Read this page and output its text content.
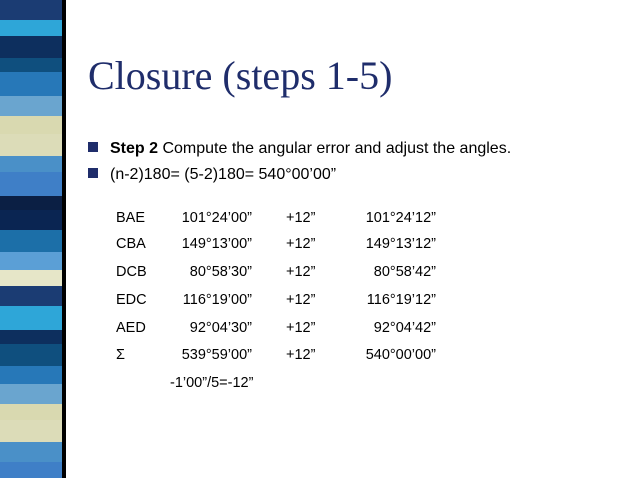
Closure (steps 1-5)
Step 2 Compute the angular error and adjust the angles.
(n-2)180= (5-2)180= 540°00’00”
BAE	101°24’00” +12”	101°24’12”
CBA	149°13’00” +12”	149°13’12”
DCB	80°58’30” +12”	80°58’42”
EDC	116°19’00” +12”	116°19’12”
AED	92°04’30” +12”	92°04’42”
Σ	539°59’00” +12”	540°00’00”
-1’00”/5=-12”
